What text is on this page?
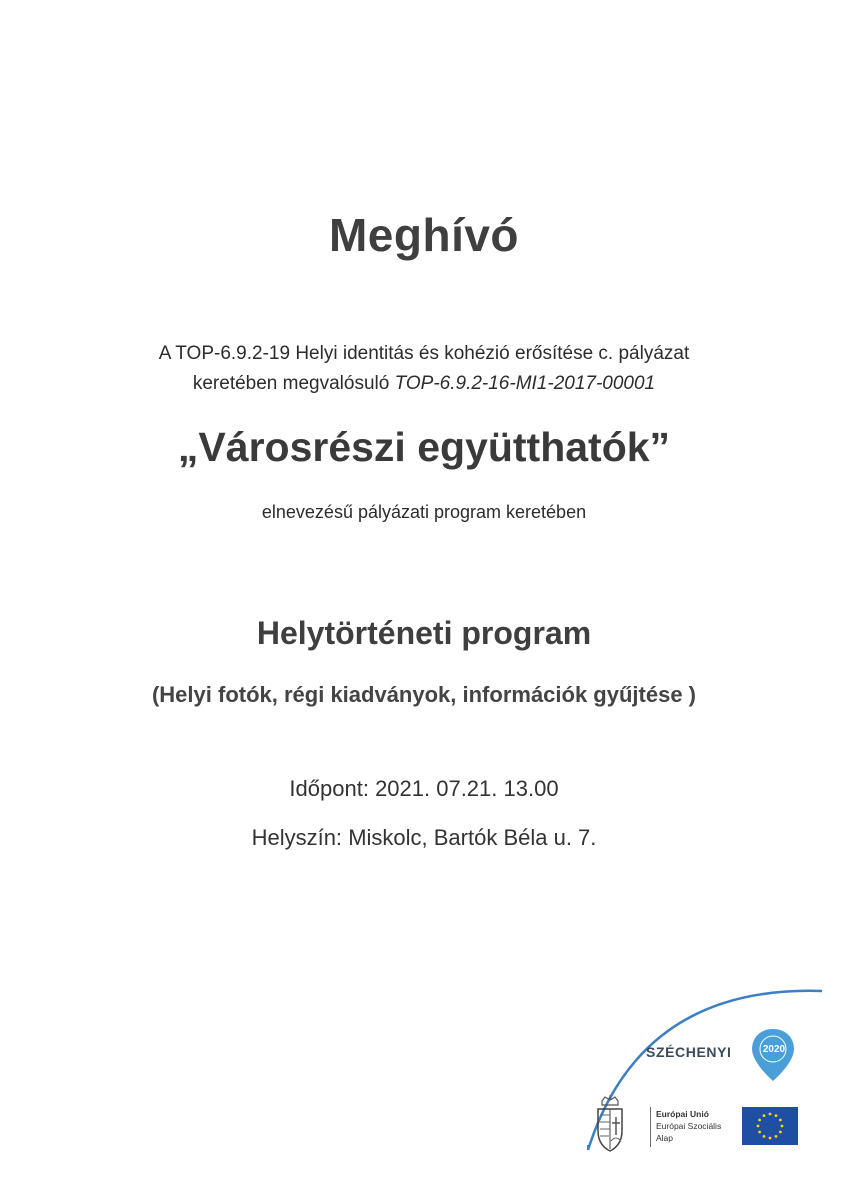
Meghívó
A TOP-6.9.2-19 Helyi identitás és kohézió erősítése c. pályázat
keretében megvalósuló TOP-6.9.2-16-MI1-2017-00001
„Városrészi együtthatók”
elnevezésű pályázati program keretében
Helytörténeti program
(Helyi fotók, régi kiadványok, információk gyűjtése )
Időpont: 2021. 07.21. 13.00
Helyszín: Miskolc, Bartók Béla u. 7.
SZÉCHENYI	2020
Európai Unió
Európai Szociális
Alap
